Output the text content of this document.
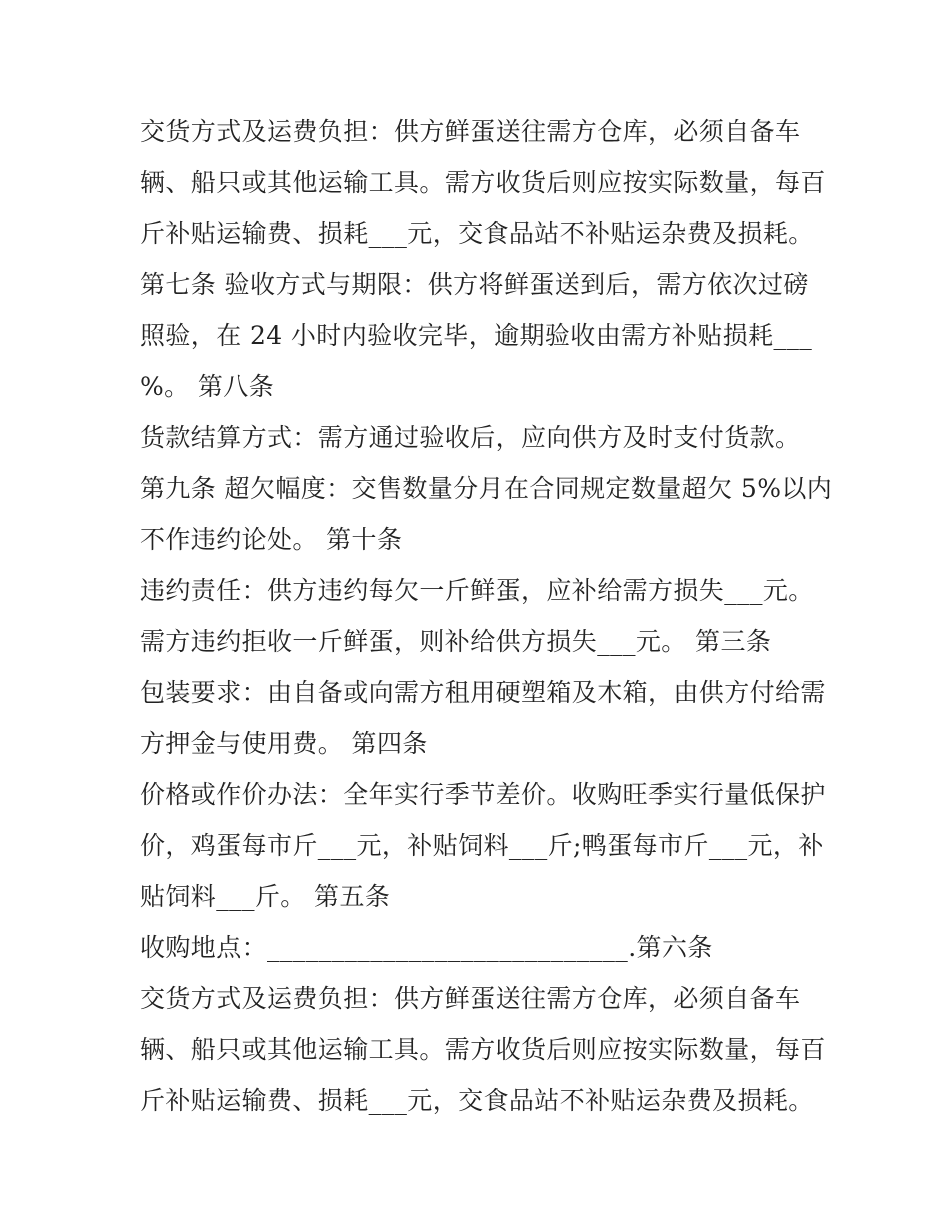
交货方式及运费负担：供方鲜蛋送往需方仓库，必须自备车
辆、船只或其他运输工具。需方收货后则应按实际数量，每百
斤补贴运输费、损耗___元，交食品站不补贴运杂费及损耗。
第七条 验收方式与期限：供方将鲜蛋送到后，需方依次过磅
照验，在 24 小时内验收完毕，逾期验收由需方补贴损耗___
%。 第八条
货款结算方式：需方通过验收后，应向供方及时支付货款。
第九条 超欠幅度：交售数量分月在合同规定数量超欠 5%以内
不作违约论处。 第十条
违约责任：供方违约每欠一斤鲜蛋，应补给需方损失___元。
需方违约拒收一斤鲜蛋，则补给供方损失___元。 第三条
包装要求：由自备或向需方租用硬塑箱及木箱，由供方付给需
方押金与使用费。 第四条
价格或作价办法：全年实行季节差价。收购旺季实行量低保护
价，鸡蛋每市斤___元，补贴饲料___斤;鸭蛋每市斤___元，补
贴饲料___斤。 第五条
收购地点：____________________________.第六条
交货方式及运费负担：供方鲜蛋送往需方仓库，必须自备车
辆、船只或其他运输工具。需方收货后则应按实际数量，每百
斤补贴运输费、损耗___元，交食品站不补贴运杂费及损耗。
